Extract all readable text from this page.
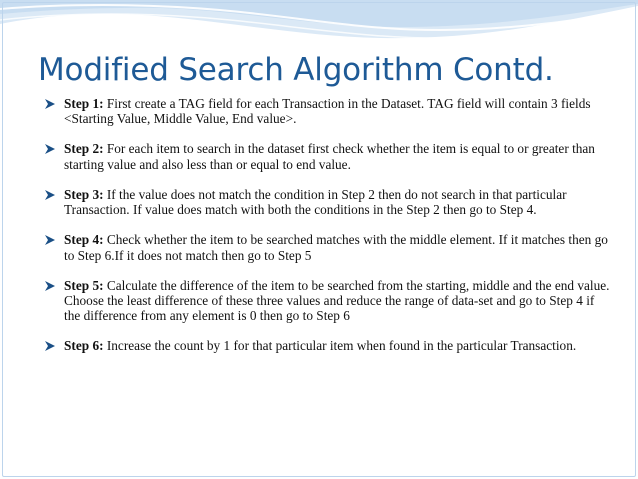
Modified Search Algorithm Contd.
Step 1: First create a TAG field for each Transaction in the Dataset. TAG field will contain 3 fields <Starting Value, Middle Value, End value>.
Step 2: For each item to search in the dataset first check whether the item is equal to or greater than starting value and also less than or equal to end value.
Step 3: If the value does not match the condition in Step 2 then do not search in that particular Transaction. If value does match with both the conditions in the Step 2 then go to Step 4.
Step 4: Check whether the item to be searched matches with the middle element. If it matches then go to Step 6.If it does not match then go to Step 5
Step 5: Calculate the difference of the item to be searched from the starting, middle and the end value. Choose the least difference of these three values and reduce the range of data-set and go to Step 4 if the difference from any element is 0 then go to Step 6
Step 6: Increase the count by 1 for that particular item when found in the particular Transaction.
